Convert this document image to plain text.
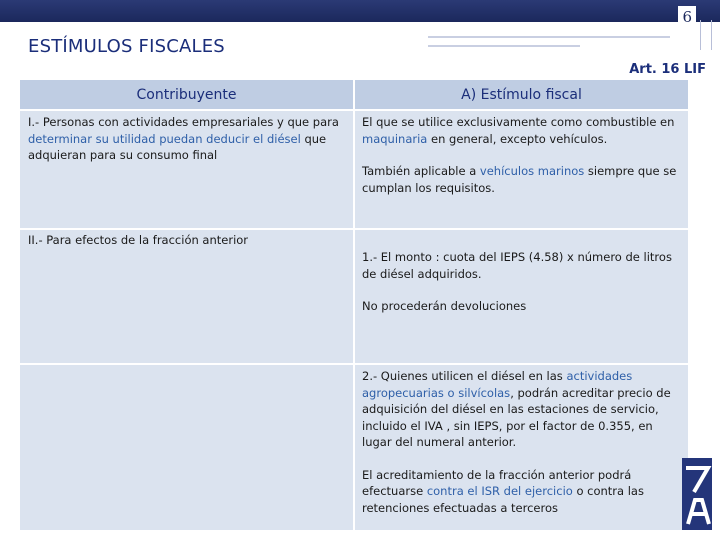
6
ESTÍMULOS FISCALES
Art. 16 LIF
Contribuyente	A) Estímulo fiscal
I.- Personas con actividades empresariales y que para determinar su utilidad puedan deducir el diésel que adquieran para su consumo final
El que se utilice exclusivamente como combustible en maquinaria en general, excepto vehículos.
También aplicable a vehículos marinos siempre que se cumplan los requisitos.
II.- Para efectos de la fracción anterior
1.- El monto : cuota del IEPS (4.58) x número de litros de diésel adquiridos.
No procederán devoluciones
2.- Quienes utilicen el diésel en las actividades agropecuarias o silvícolas, podrán acreditar precio de adquisición del diésel en las estaciones de servicio, incluido el IVA , sin IEPS, por el factor de 0.355, en lugar del numeral anterior.
El acreditamiento de la fracción anterior podrá efectuarse contra el ISR del ejercicio o contra las retenciones efectuadas a terceros
